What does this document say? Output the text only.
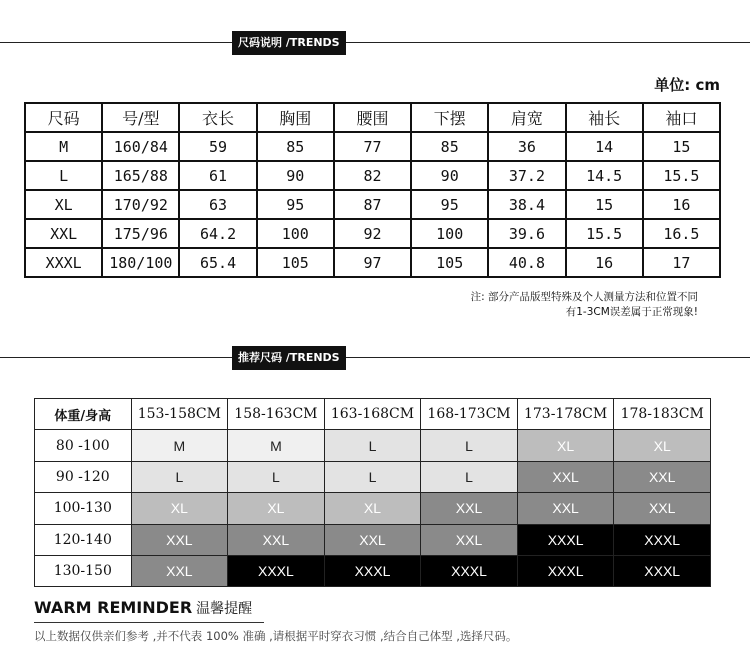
尺码说明 /TRENDS
单位: cm
尺码	号/型	衣长	胸围	腰围	下摆	肩宽	袖长	袖口
M	160/84	59	85	77	85	36	14	15
L	165/88	61	90	82	90	37.2	14.5	15.5
XL	170/92	63	95	87	95	38.4	15	16
XXL	175/96	64.2	100	92	100	39.6	15.5	16.5
XXXL	180/100	65.4	105	97	105	40.8	16	17
注: 部分产品版型特殊及个人测量方法和位置不同
有1-3CM误差属于正常现象!
推荐尺码 /TRENDS
体重/身高	153-158CM	158-163CM	163-168CM	168-173CM	173-178CM	178-183CM
80 -100	M	M	L	L	XL	XL
90 -120	L	L	L	L	XXL	XXL
100-130	XL	XL	XL	XXL	XXL	XXL
120-140	XXL	XXL	XXL	XXL	XXXL	XXXL
130-150	XXL	XXXL	XXXL	XXXL	XXXL	XXXL
WARM REMINDER 温馨提醒
以上数据仅供亲们参考 ,并不代表 100% 准确 ,请根据平时穿衣习惯 ,结合自己体型 ,选择尺码。
